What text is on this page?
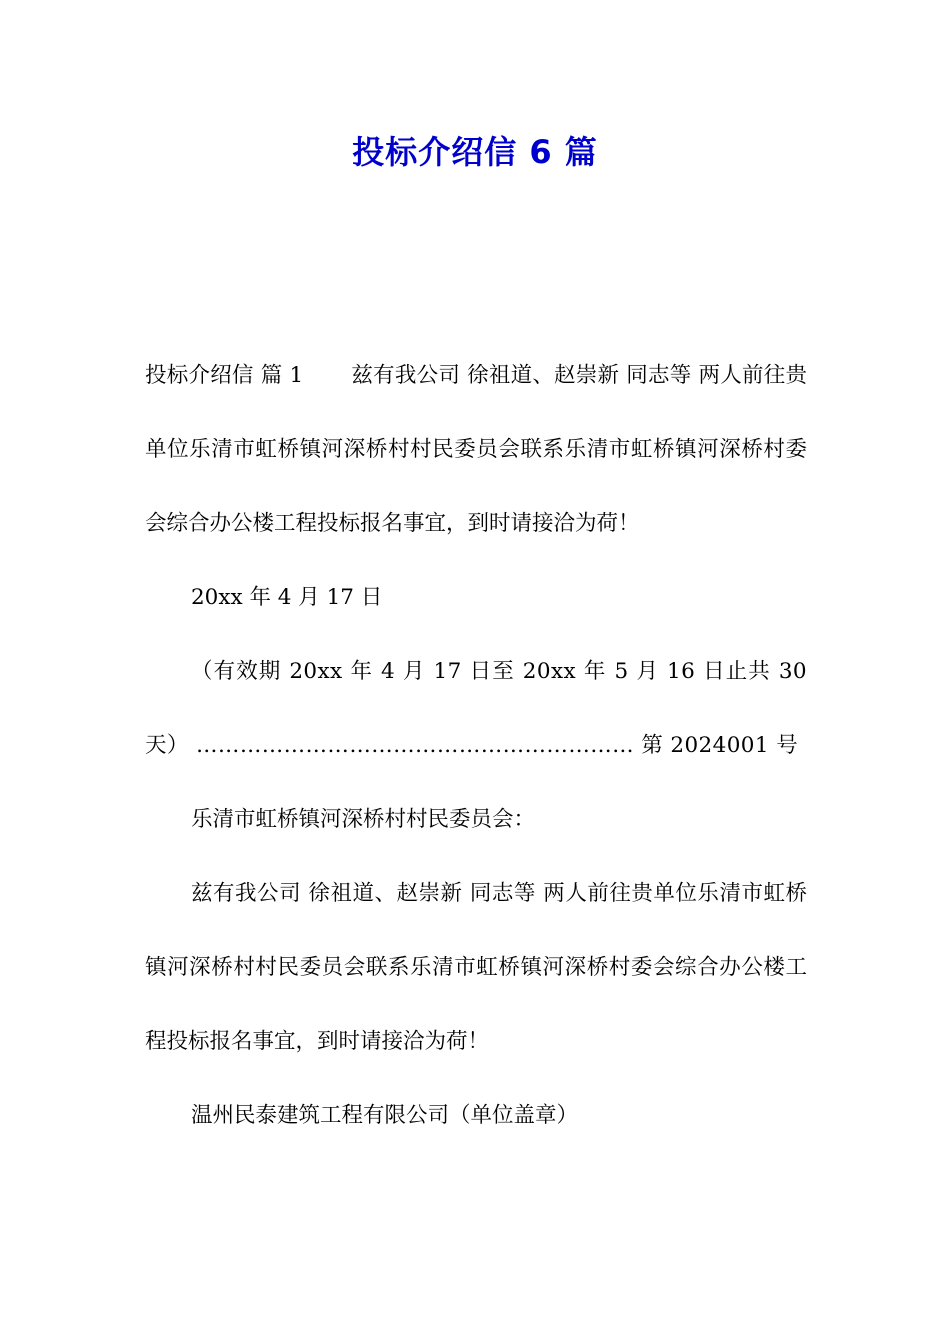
投标介绍信 6 篇

投标介绍信 篇 1 兹有我公司 徐祖道、赵崇新 同志等 两人前往贵单位乐清市虹桥镇河深桥村村民委员会联系乐清市虹桥镇河深桥村委会综合办公楼工程投标报名事宜，到时请接洽为荷！

20xx 年 4 月 17 日

（有效期 20xx 年 4 月 17 日至 20xx 年 5 月 16 日止共 30 天） …………………………………………………… 第 2024001 号

乐清市虹桥镇河深桥村村民委员会：

兹有我公司 徐祖道、赵崇新 同志等 两人前往贵单位乐清市虹桥镇河深桥村村民委员会联系乐清市虹桥镇河深桥村委会综合办公楼工程投标报名事宜，到时请接洽为荷！

温州民泰建筑工程有限公司（单位盖章）
